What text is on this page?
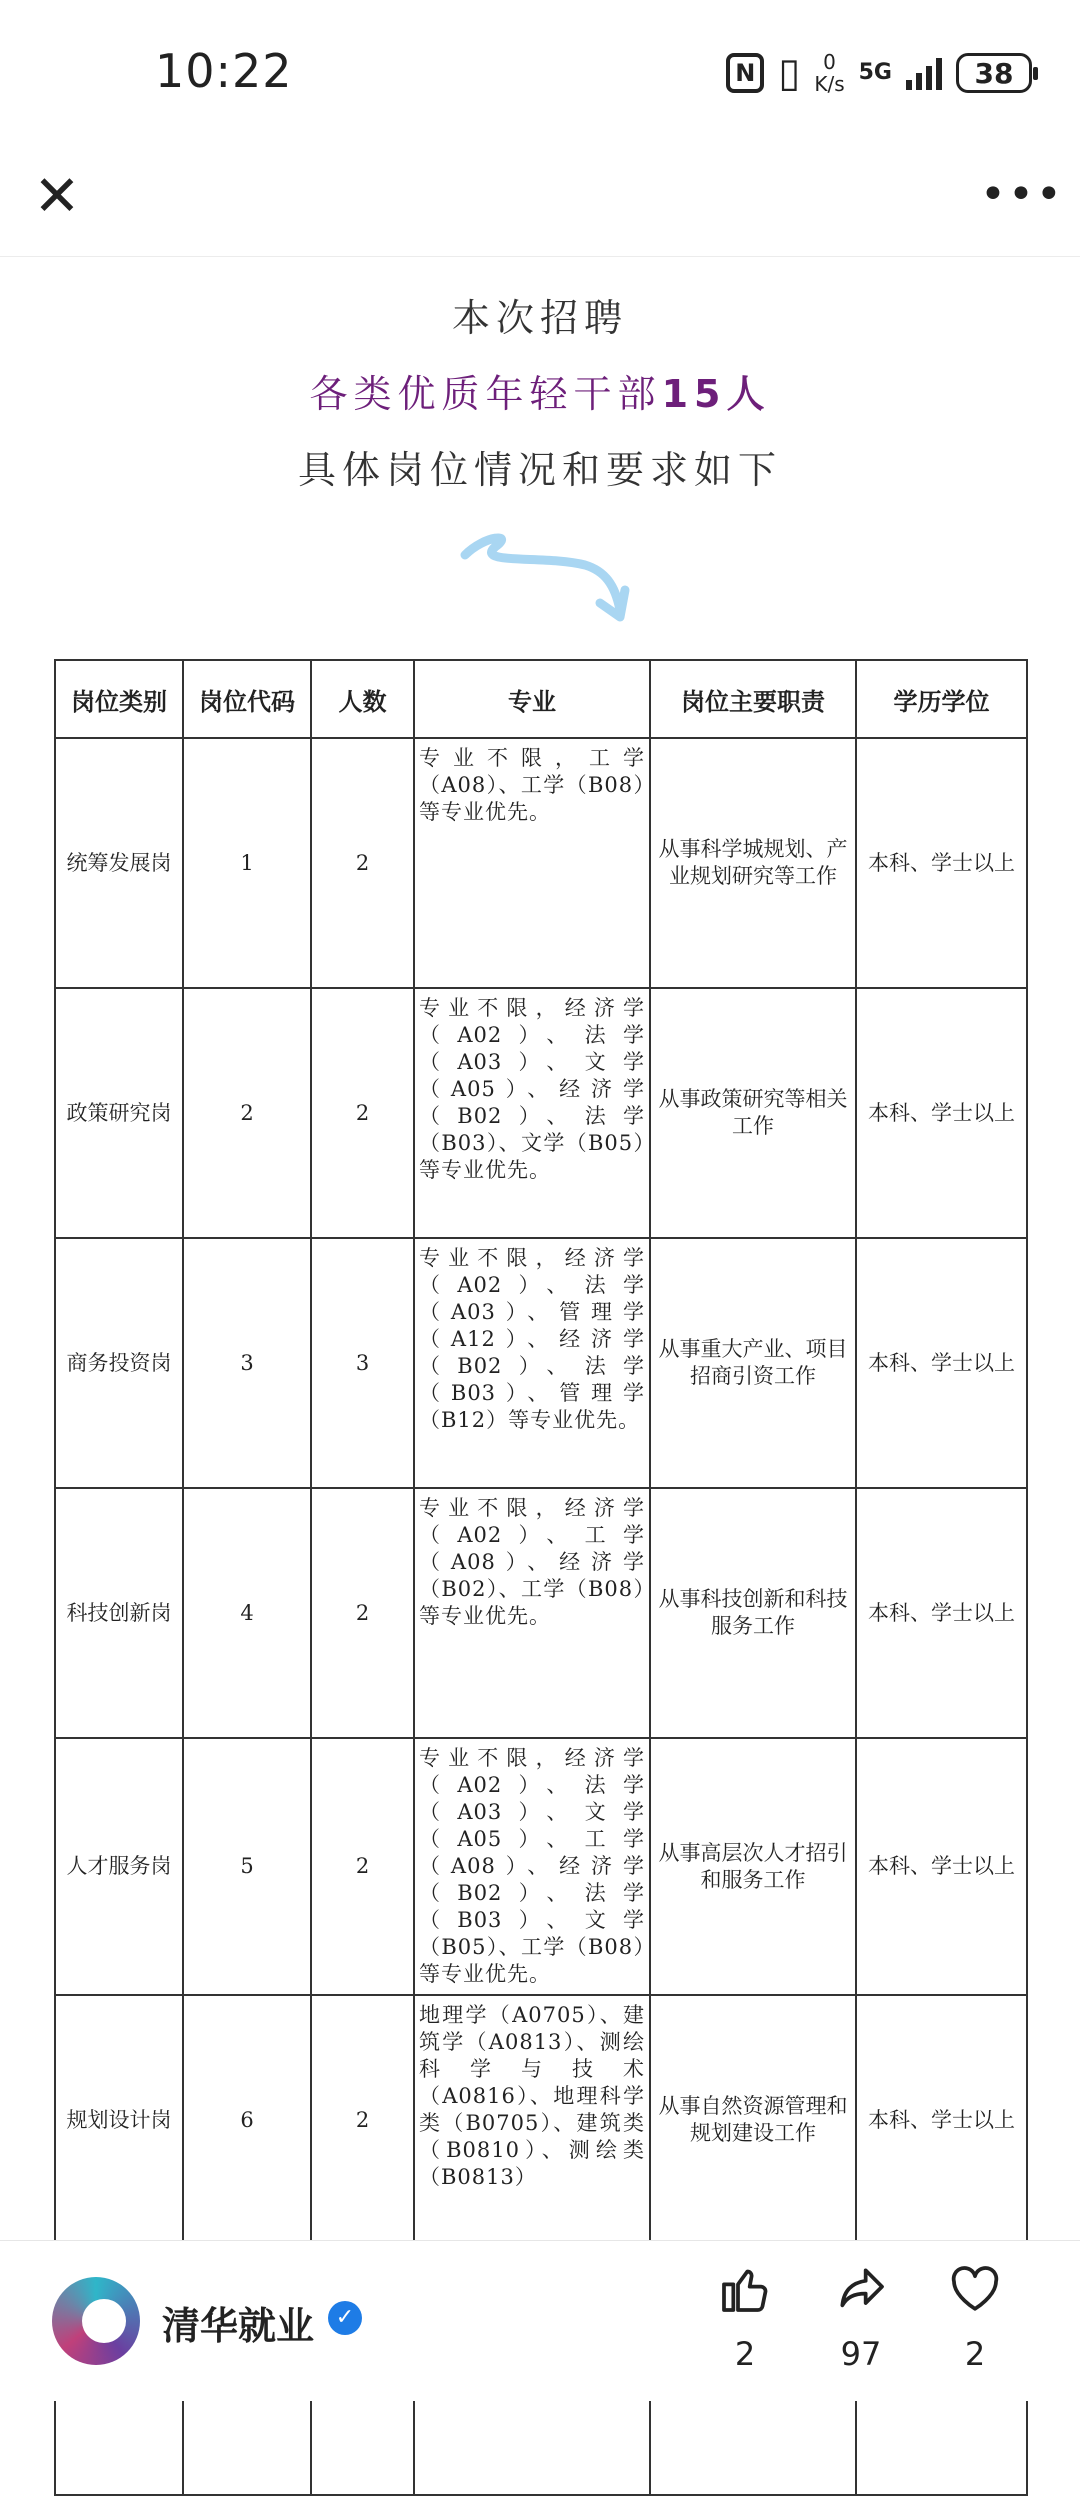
10:22	N ▯ 0
K/s 5G	38
✕	•••
本次招聘
各类优质年轻干部15人
具体岗位情况和要求如下
岗位类别	岗位代码	人数	专业	岗位主要职责	学历学位
统筹发展岗	1	2	专业不限，工学（A08）、工学（B08）等专业优先。	从事科学城规划、产业规划研究等工作	本科、学士以上
政策研究岗	2	2	专业不限，经济学（A02）、法学（A03）、文学（A05）、经济学（B02）、法学（B03）、文学（B05）等专业优先。	从事政策研究等相关工作	本科、学士以上
商务投资岗	3	3	专业不限，经济学（A02）、法学（A03）、管理学（A12）、经济学（B02）、法学（B03）、管理学（B12）等专业优先。	从事重大产业、项目招商引资工作	本科、学士以上
科技创新岗	4	2	专业不限，经济学（A02）、工学（A08）、经济学（B02）、工学（B08）等专业优先。	从事科技创新和科技服务工作	本科、学士以上
人才服务岗	5	2	专业不限，经济学（A02）、法学（A03）、文学（A05）、工学（A08）、经济学（B02）、法学（B03）、文学（B05）、工学（B08）等专业优先。	从事高层次人才招引和服务工作	本科、学士以上
规划设计岗	6	2	地理学（A0705）、建筑学（A0813）、测绘科学与技术（A0816）、地理科学类（B0705）、建筑类（B0810）、测绘类（B0813）	从事自然资源管理和规划建设工作	本科、学士以上

清华就业 ✓
2	97	2
